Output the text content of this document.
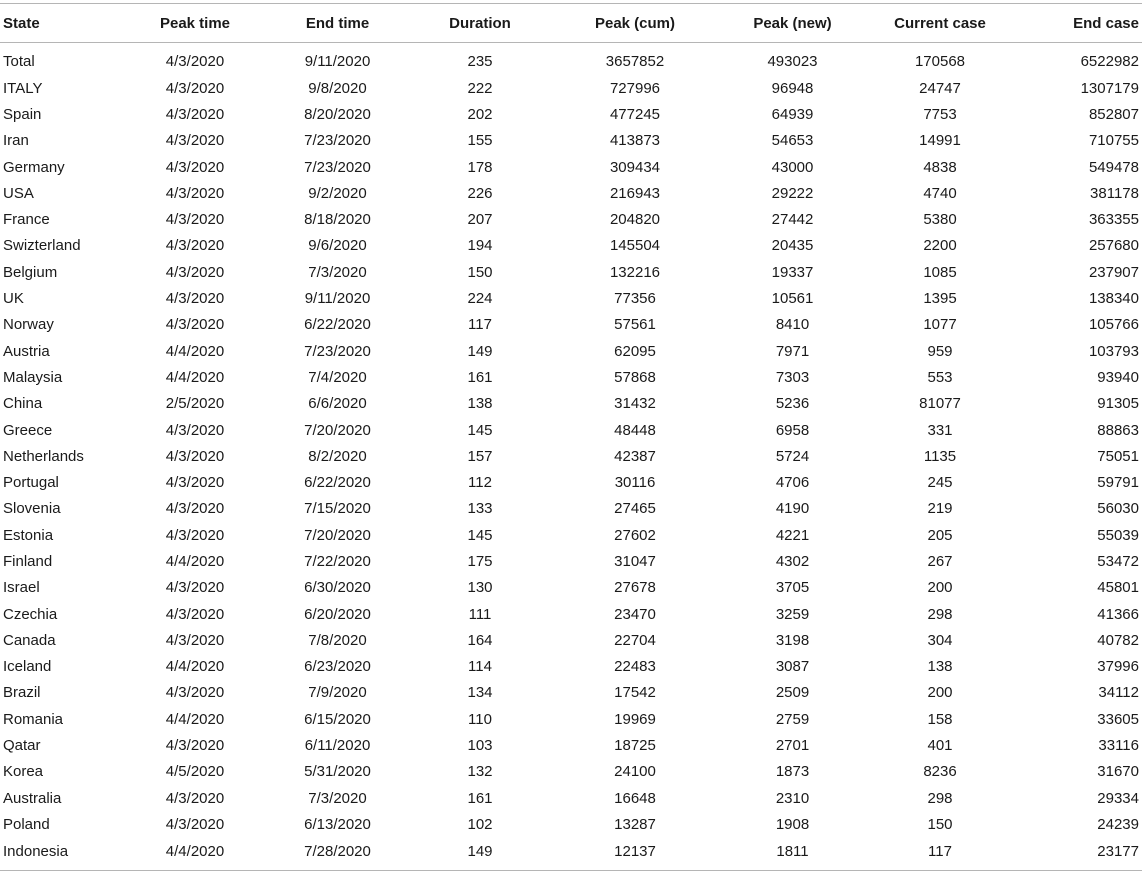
State	Peak time	End time	Duration	Peak (cum)	Peak (new)	Current case	End case
Total	4/3/2020	9/11/2020	235	3657852	493023	170568	6522982
ITALY	4/3/2020	9/8/2020	222	727996	96948	24747	1307179
Spain	4/3/2020	8/20/2020	202	477245	64939	7753	852807
Iran	4/3/2020	7/23/2020	155	413873	54653	14991	710755
Germany	4/3/2020	7/23/2020	178	309434	43000	4838	549478
USA	4/3/2020	9/2/2020	226	216943	29222	4740	381178
France	4/3/2020	8/18/2020	207	204820	27442	5380	363355
Swizterland	4/3/2020	9/6/2020	194	145504	20435	2200	257680
Belgium	4/3/2020	7/3/2020	150	132216	19337	1085	237907
UK	4/3/2020	9/11/2020	224	77356	10561	1395	138340
Norway	4/3/2020	6/22/2020	117	57561	8410	1077	105766
Austria	4/4/2020	7/23/2020	149	62095	7971	959	103793
Malaysia	4/4/2020	7/4/2020	161	57868	7303	553	93940
China	2/5/2020	6/6/2020	138	31432	5236	81077	91305
Greece	4/3/2020	7/20/2020	145	48448	6958	331	88863
Netherlands	4/3/2020	8/2/2020	157	42387	5724	1135	75051
Portugal	4/3/2020	6/22/2020	112	30116	4706	245	59791
Slovenia	4/3/2020	7/15/2020	133	27465	4190	219	56030
Estonia	4/3/2020	7/20/2020	145	27602	4221	205	55039
Finland	4/4/2020	7/22/2020	175	31047	4302	267	53472
Israel	4/3/2020	6/30/2020	130	27678	3705	200	45801
Czechia	4/3/2020	6/20/2020	111	23470	3259	298	41366
Canada	4/3/2020	7/8/2020	164	22704	3198	304	40782
Iceland	4/4/2020	6/23/2020	114	22483	3087	138	37996
Brazil	4/3/2020	7/9/2020	134	17542	2509	200	34112
Romania	4/4/2020	6/15/2020	110	19969	2759	158	33605
Qatar	4/3/2020	6/11/2020	103	18725	2701	401	33116
Korea	4/5/2020	5/31/2020	132	24100	1873	8236	31670
Australia	4/3/2020	7/3/2020	161	16648	2310	298	29334
Poland	4/3/2020	6/13/2020	102	13287	1908	150	24239
Indonesia	4/4/2020	7/28/2020	149	12137	1811	117	23177
